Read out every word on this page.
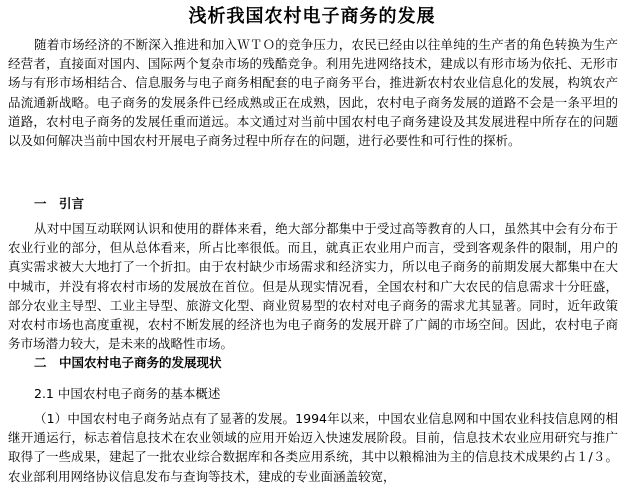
浅析我国农村电子商务的发展

随着市场经济的不断深入推进和加入ＷＴＯ的竞争压力，农民已经由以往单纯的生产者的角色转换为生产经营者，直接面对国内、国际两个复杂市场的残酷竞争。利用先进网络技术，建成以有形市场为依托、无形市场与有形市场相结合、信息服务与电子商务相配套的电子商务平台，推进新农村农业信息化的发展，构筑农产品流通新战略。电子商务的发展条件已经成熟或正在成熟，因此，农村电子商务发展的道路不会是一条平坦的道路，农村电子商务的发展任重而道远。本文通过对当前中国农村电子商务建设及其发展进程中所存在的问题以及如何解决当前中国农村开展电子商务过程中所存在的问题，进行必要性和可行性的探析。

一　引言

从对中国互动联网认识和使用的群体来看，绝大部分都集中于受过高等教育的人口，虽然其中会有分布于农业行业的部分，但从总体看来，所占比率很低。而且，就真正农业用户而言，受到客观条件的限制，用户的真实需求被大大地打了一个折扣。由于农村缺少市场需求和经济实力，所以电子商务的前期发展大都集中在大中城市，并没有将农村市场的发展放在首位。但是从现实情况看，全国农村和广大农民的信息需求十分旺盛，部分农业主导型、工业主导型、旅游文化型、商业贸易型的农村对电子商务的需求尤其显著。同时，近年政策对农村市场也高度重视，农村不断发展的经济也为电子商务的发展开辟了广阔的市场空间。因此，农村电子商务市场潜力较大，是未来的战略性市场。

二　中国农村电子商务的发展现状
2.1 中国农村电子商务的基本概述

（1）中国农村电子商务站点有了显著的发展。1994年以来，中国农业信息网和中国农业科技信息网的相继开通运行，标志着信息技术在农业领域的应用开始迈入快速发展阶段。目前，信息技术农业应用研究与推广取得了一些成果，建起了一批农业综合数据库和各类应用系统，其中以粮棉油为主的信息技术成果约占１/３。农业部利用网络协议信息发布与查询等技术，建成的专业面涵盖较宽，
